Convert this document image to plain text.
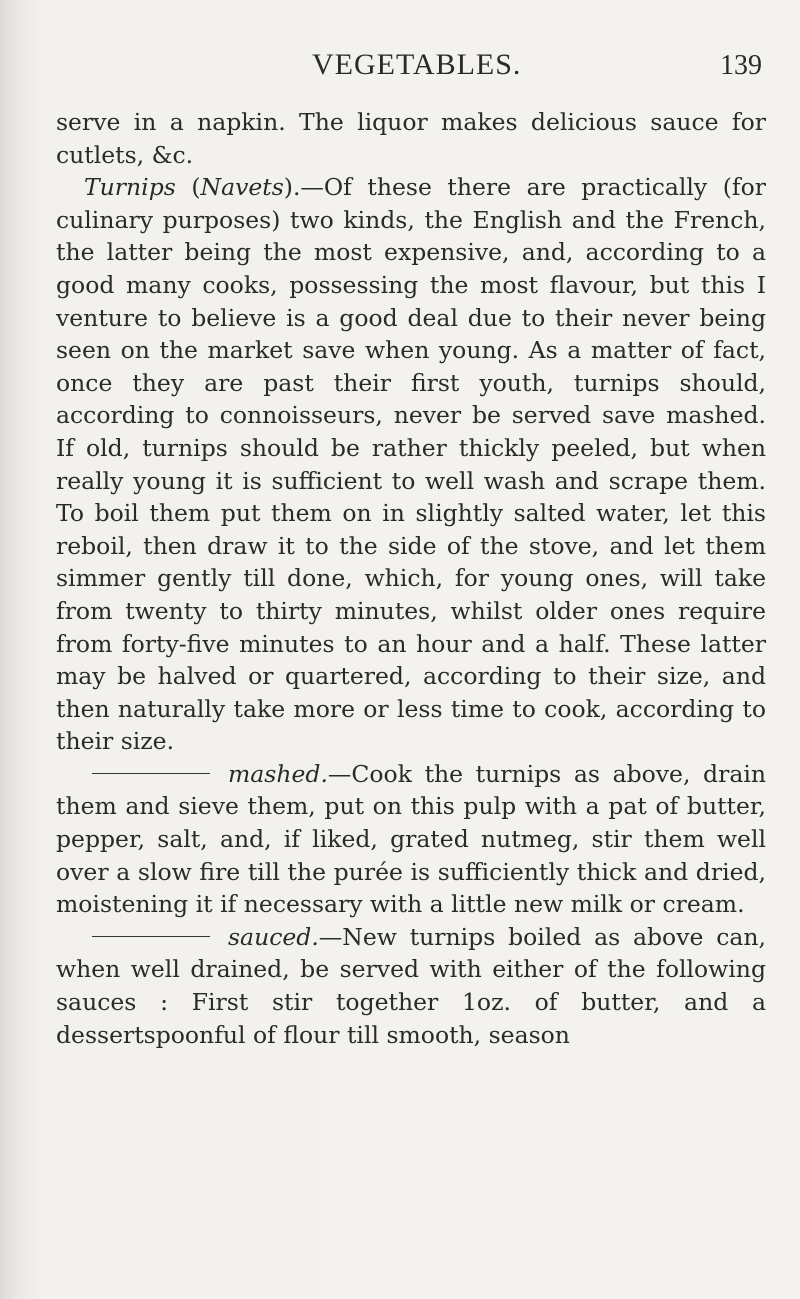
VEGETABLES.	139

serve in a napkin. The liquor makes delicious sauce for cutlets, &c.

Turnips (Navets).—Of these there are practically (for culinary purposes) two kinds, the English and the French, the latter being the most expensive, and, according to a good many cooks, possessing the most flavour, but this I venture to believe is a good deal due to their never being seen on the market save when young. As a matter of fact, once they are past their first youth, turnips should, according to connoisseurs, never be served save mashed. If old, turnips should be rather thickly peeled, but when really young it is sufficient to well wash and scrape them. To boil them put them on in slightly salted water, let this reboil, then draw it to the side of the stove, and let them simmer gently till done, which, for young ones, will take from twenty to thirty minutes, whilst older ones require from forty-five minutes to an hour and a half. These latter may be halved or quartered, according to their size, and then naturally take more or less time to cook, according to their size.

mashed.—Cook the turnips as above, drain them and sieve them, put on this pulp with a pat of butter, pepper, salt, and, if liked, grated nutmeg, stir them well over a slow fire till the purée is sufficiently thick and dried, moistening it if necessary with a little new milk or cream.

sauced.—New turnips boiled as above can, when well drained, be served with either of the following sauces : First stir together 1oz. of butter, and a dessertspoonful of flour till smooth, season
